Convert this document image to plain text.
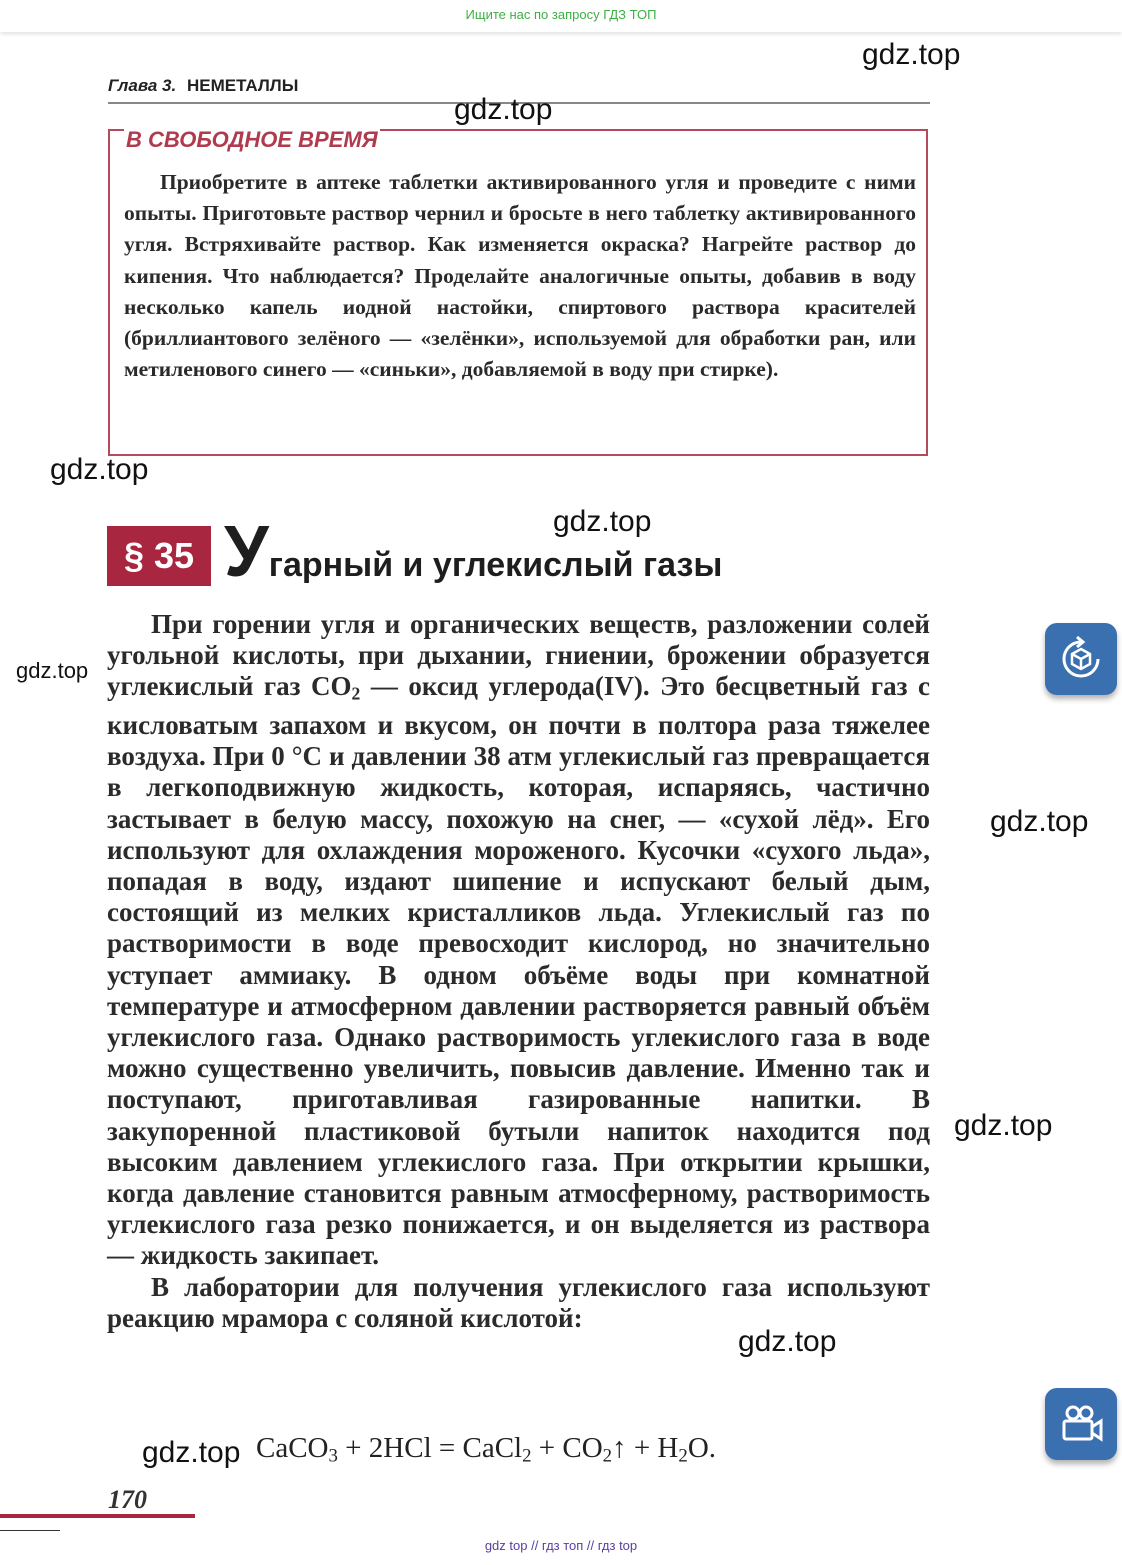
Ищите нас по запросу ГДЗ ТОП
Глава 3. НЕМЕТАЛЛЫ
В СВОБОДНОЕ ВРЕМЯ

Приобретите в аптеке таблетки активированного угля и проведите с ними опыты. Приготовьте раствор чернил и бросьте в него таблетку активированного угля. Встряхивайте раствор. Как изменяется окраска? Нагрейте раствор до кипения. Что наблюдается? Проделайте аналогичные опыты, добавив в воду несколько капель иодной настойки, спиртового раствора красителей (бриллиантового зелёного — «зелёнки», используемой для обработки ран, или метиленового синего — «синьки», добавляемой в воду при стирке).

§ 35 Угарный и углекислый газы

При горении угля и органических веществ, разложении солей угольной кислоты, при дыхании, гниении, брожении образуется углекислый газ $CO_2$ — оксид углерода(IV). Это бесцветный газ с кисловатым запахом и вкусом, он почти в полтора раза тяжелее воздуха. При 0 °С и давлении 38 атм углекислый газ превращается в легкоподвижную жидкость, которая, испаряясь, частично застывает в белую массу, похожую на снег, — «сухой лёд». Его используют для охлаждения мороженого. Кусочки «сухого льда», попадая в воду, издают шипение и испускают белый дым, состоящий из мелких кристалликов льда. Углекислый газ по растворимости в воде превосходит кислород, но значительно уступает аммиаку. В одном объёме воды при комнатной температуре и атмосферном давлении растворяется равный объём углекислого газа. Однако растворимость углекислого газа в воде можно существенно увеличить, повысив давление. Именно так и поступают, приготавливая газированные напитки. В закупоренной пластиковой бутыли напиток находится под высоким давлением углекислого газа. При открытии крышки, когда давление становится равным атмосферному, растворимость углекислого газа резко понижается, и он выделяется из раствора — жидкость закипает.

В лаборатории для получения углекислого газа используют реакцию мрамора с соляной кислотой:

CaCO$_3$ + 2HCl = CaCl$_2$ + $CO_2↑ + H_2O$.
170
gdz top // гдз топ // гдз top
gdz.top
gdz.top
gdz.top
gdz.top
gdz.top
gdz.top
gdz.top
gdz.top
gdz.top
